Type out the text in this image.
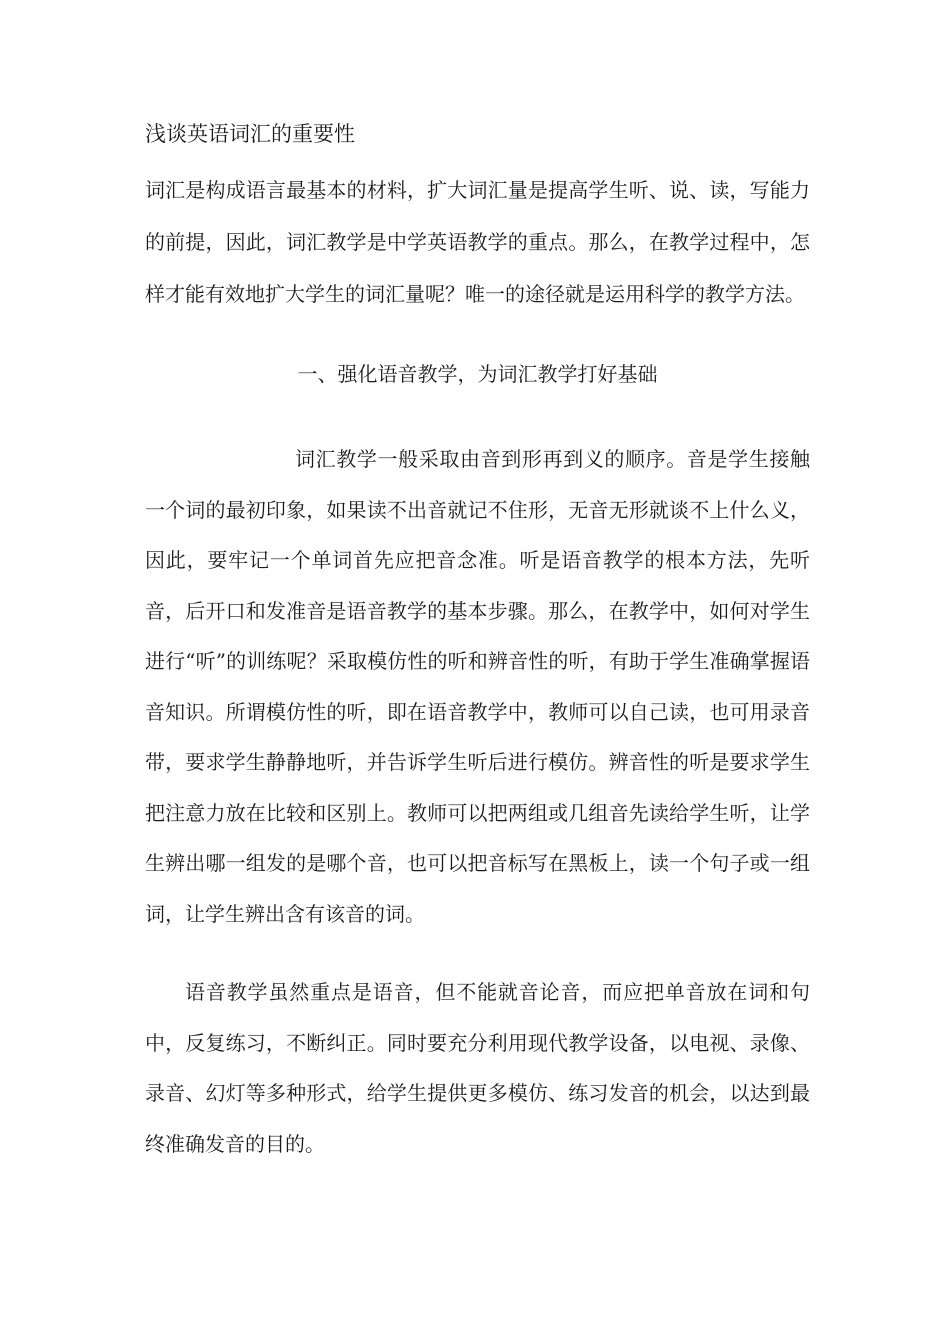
浅谈英语词汇的重要性

词汇是构成语言最基本的材料，扩大词汇量是提高学生听、说、读，写能力的前提，因此，词汇教学是中学英语教学的重点。那么，在教学过程中，怎样才能有效地扩大学生的词汇量呢？唯一的途径就是运用科学的教学方法。

一、强化语音教学，为词汇教学打好基础

词汇教学一般采取由音到形再到义的顺序。音是学生接触一个词的最初印象，如果读不出音就记不住形，无音无形就谈不上什么义，因此，要牢记一个单词首先应把音念准。听是语音教学的根本方法，先听音，后开口和发准音是语音教学的基本步骤。那么，在教学中，如何对学生进行“听”的训练呢？采取模仿性的听和辨音性的听，有助于学生准确掌握语音知识。所谓模仿性的听，即在语音教学中，教师可以自己读，也可用录音带，要求学生静静地听，并告诉学生听后进行模仿。辨音性的听是要求学生把注意力放在比较和区别上。教师可以把两组或几组音先读给学生听，让学生辨出哪一组发的是哪个音，也可以把音标写在黑板上，读一个句子或一组词，让学生辨出含有该音的词。

语音教学虽然重点是语音，但不能就音论音，而应把单音放在词和句中，反复练习，不断纠正。同时要充分利用现代教学设备，以电视、录像、录音、幻灯等多种形式，给学生提供更多模仿、练习发音的机会，以达到最终准确发音的目的。
